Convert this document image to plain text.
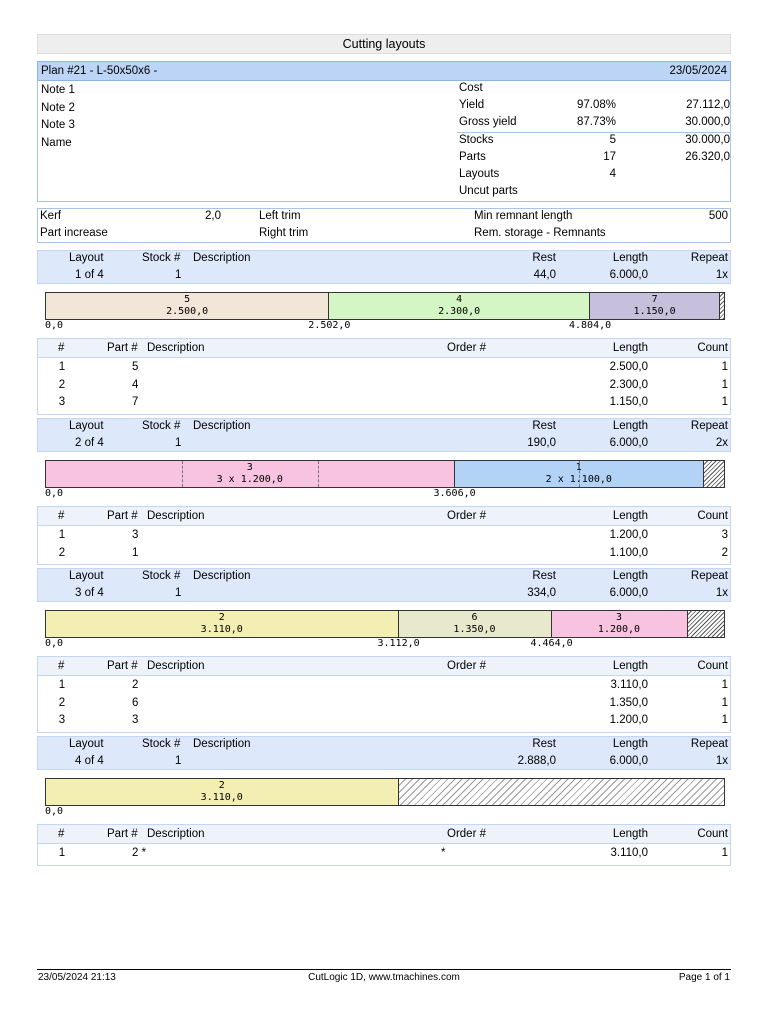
Cutting layouts
Plan #21 - L-50x50x6 -	23/05/2024
Note 1
Note 2
Note 3
Name
Cost
Yield	97.08%	27.112,0
Gross yield	87.73%	30.000,0
Stocks	5	30.000,0
Parts	17	26.320,0
Layouts	4
Uncut parts
Kerf	2,0
Part increase
Left trim
Right trim
Min remnant length	500
Rem. storage - Remnants
Layout	Stock # Description	Rest	Length	Repeat
1 of 4	1	44,0	6.000,0	1x
5
2.500,0
4
2.300,0
7
1.150,0
0,0	2.502,0	4.804,0
#	Part # Description	Order #	Length	Count
1	5	2.500,0	1
2	4	2.300,0	1
3	7	1.150,0	1
Layout	Stock # Description	Rest	Length	Repeat
2 of 4	1	190,0	6.000,0	2x
3
3 x 1.200,0
1
2 x 1.100,0
0,0	3.606,0
#	Part # Description	Order #	Length	Count
1	3	1.200,0	3
2	1	1.100,0	2
Layout	Stock # Description	Rest	Length	Repeat
3 of 4	1	334,0	6.000,0	1x
2
3.110,0
6
1.350,0
3
1.200,0
0,0	3.112,0	4.464,0
#	Part # Description	Order #	Length	Count
1	2	3.110,0	1
2	6	1.350,0	1
3	3	1.200,0	1
Layout	Stock # Description	Rest	Length	Repeat
4 of 4	1	2.888,0	6.000,0	1x
2
3.110,0
0,0
#	Part # Description	Order #	Length	Count
1	2 *	*	3.110,0	1
23/05/2024 21:13	CutLogic 1D, www.tmachines.com	Page 1 of 1
